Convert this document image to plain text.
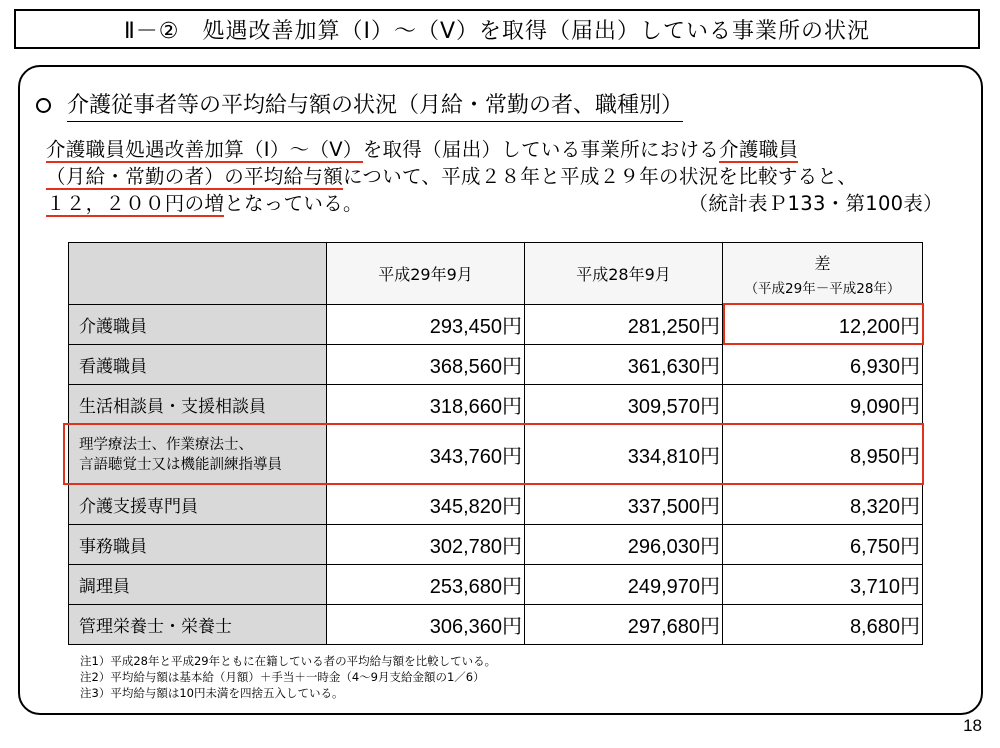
Ⅱ－②　処遇改善加算（Ⅰ）～（Ⅴ）を取得（届出）している事業所の状況
介護従事者等の平均給与額の状況（月給・常勤の者、職種別）
介護職員処遇改善加算（Ⅰ）～（Ⅴ）を取得（届出）している事業所における介護職員
（月給・常勤の者）の平均給与額について、平成２８年と平成２９年の状況を比較すると、
１２，２００円の増となっている。	（統計表Ｐ133・第100表）
	平成29年9月	平成28年9月	差
（平成29年－平成28年）

介護職員	293,450円	281,250円	12,200円
看護職員	368,560円	361,630円	6,930円
生活相談員・支援相談員	318,660円	309,570円	9,090円

理学療法士、作業療法士、
言語聴覚士又は機能訓練指導員	343,760円	334,810円	8,950円
介護支援専門員	345,820円	337,500円	8,320円
事務職員	302,780円	296,030円	6,750円
調理員	253,680円	249,970円	3,710円
管理栄養士・栄養士	306,360円	297,680円	8,680円
注1）平成28年と平成29年ともに在籍している者の平均給与額を比較している。
注2）平均給与額は基本給（月額）＋手当＋一時金（4～9月支給金額の1／6）
注3）平均給与額は10円未満を四捨五入している。
18
